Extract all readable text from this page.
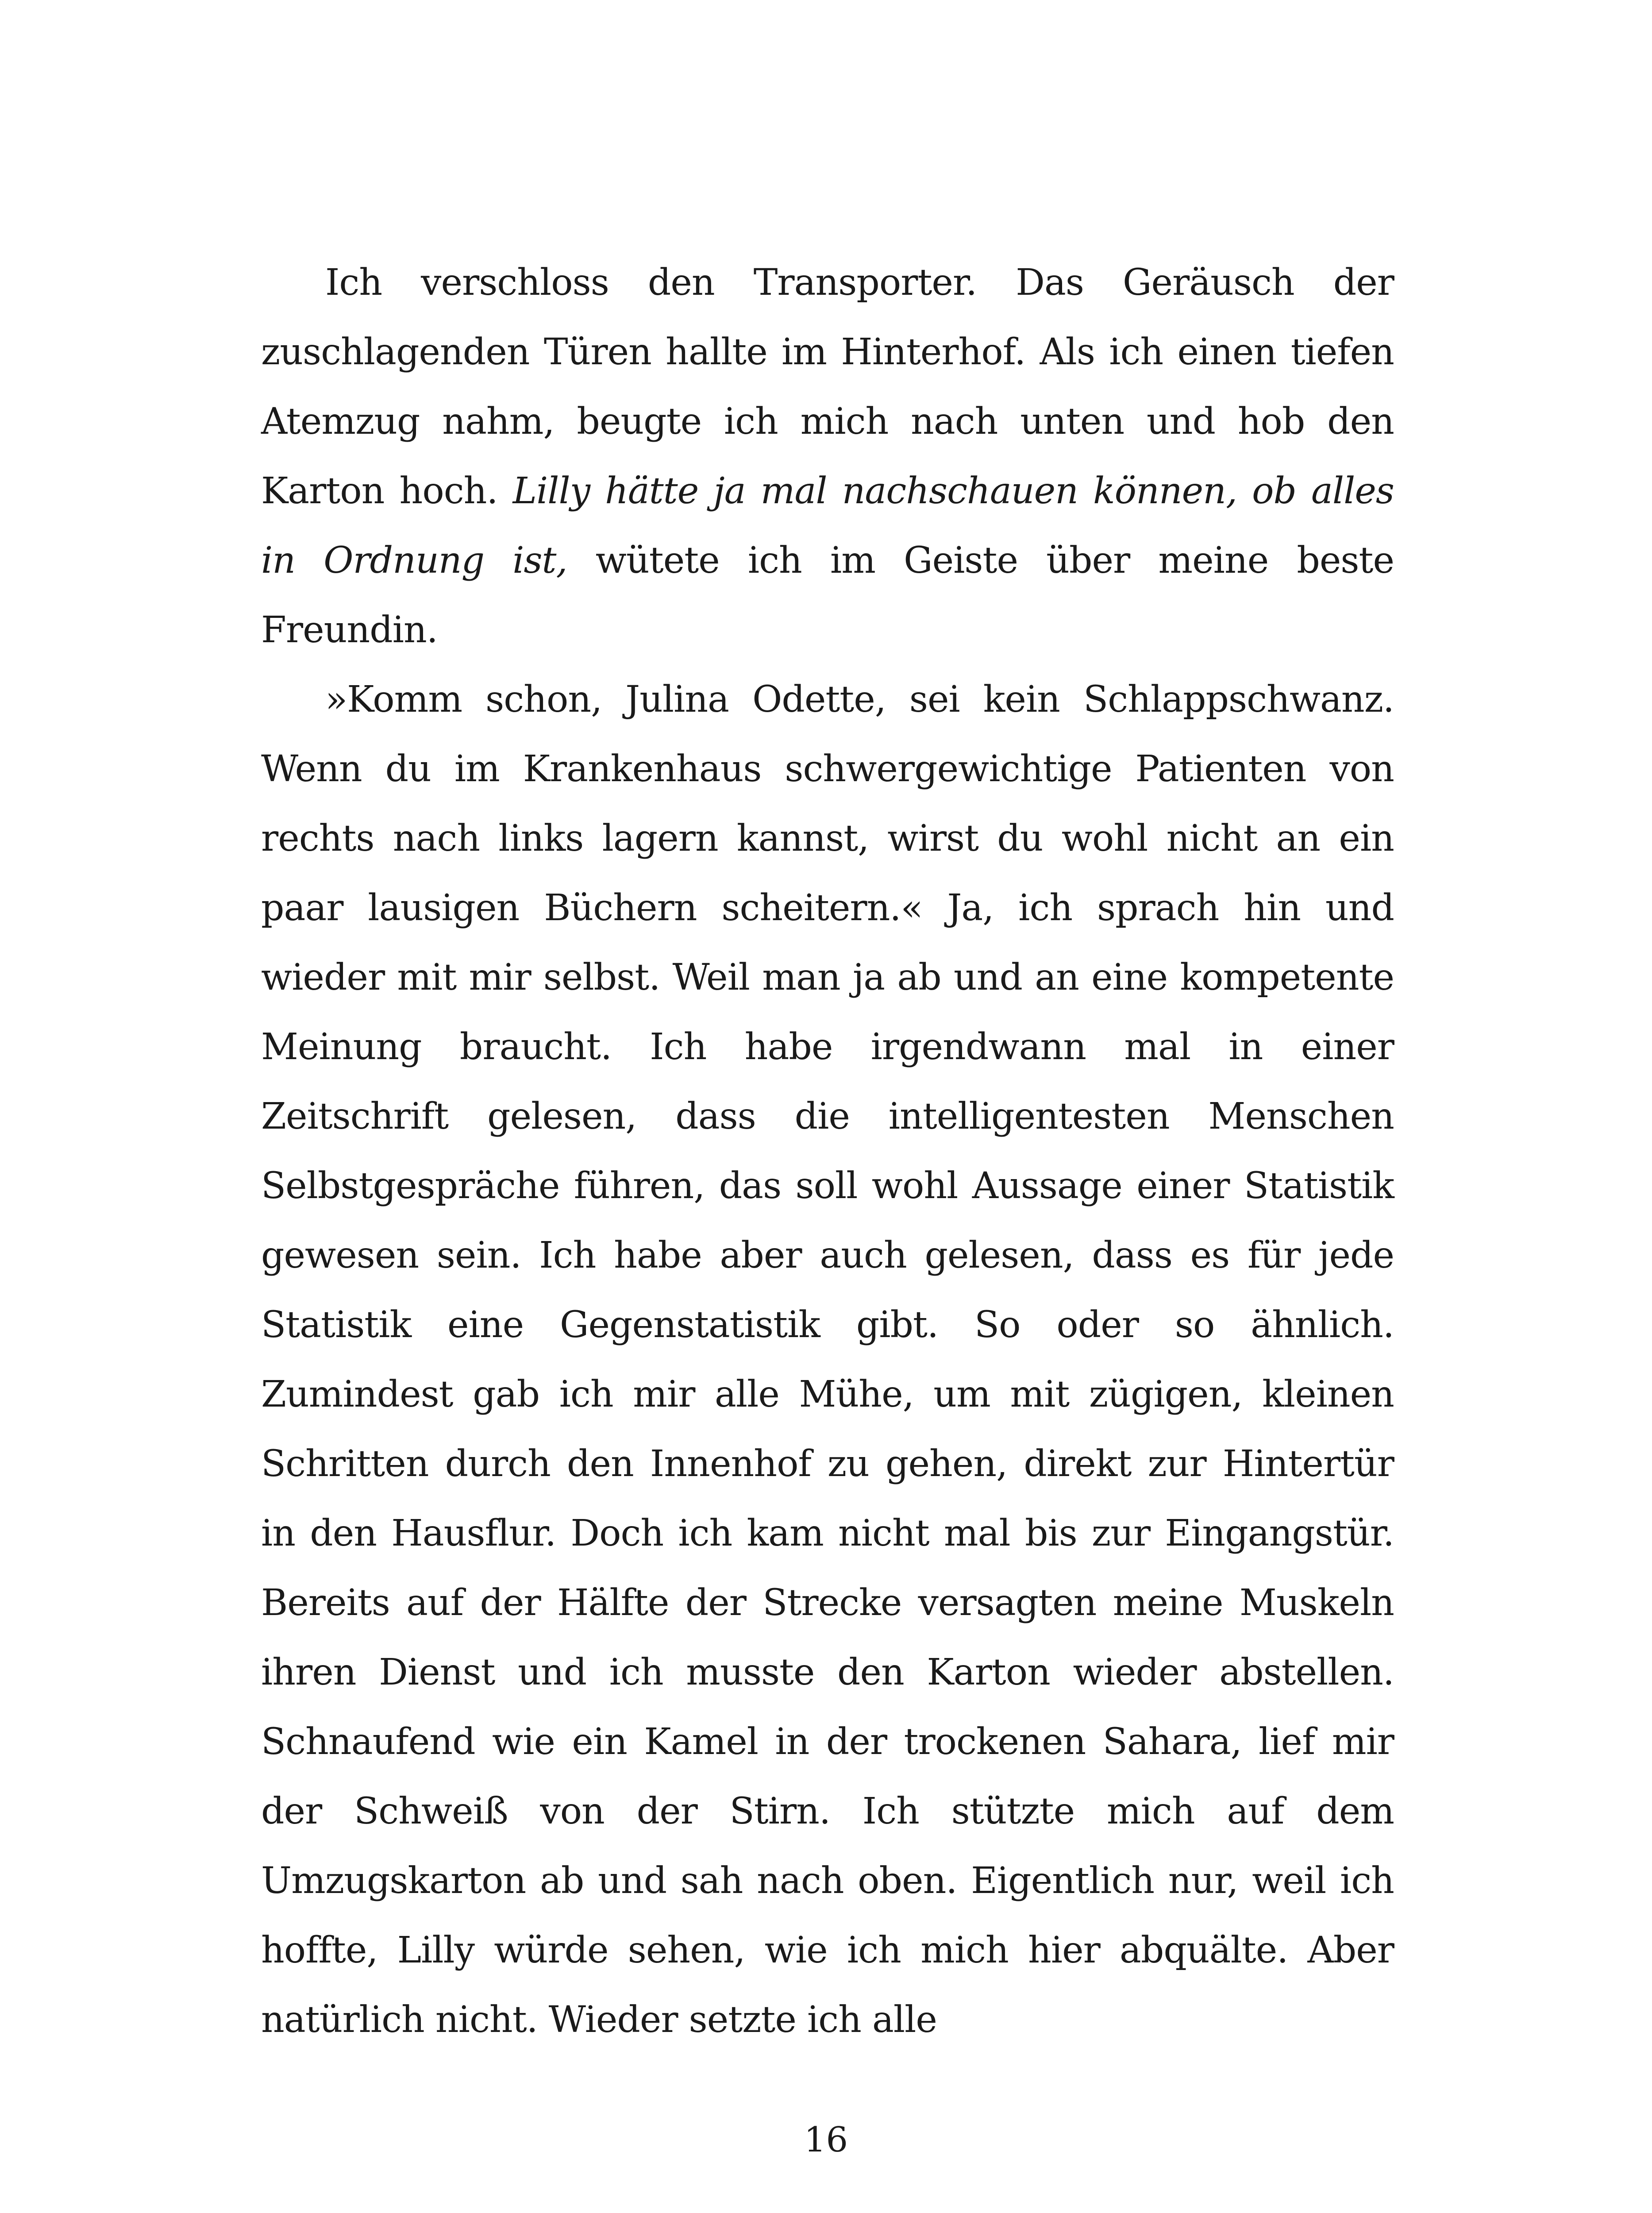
Ich verschloss den Transporter. Das Geräusch der zuschlagenden Türen hallte im Hinterhof. Als ich einen tiefen Atemzug nahm, beugte ich mich nach unten und hob den Karton hoch. Lilly hätte ja mal nachschauen können, ob alles in Ordnung ist, wütete ich im Geiste über meine beste Freundin.

»Komm schon, Julina Odette, sei kein Schlappschwanz. Wenn du im Krankenhaus schwergewichtige Patienten von rechts nach links lagern kannst, wirst du wohl nicht an ein paar lausigen Büchern scheitern.« Ja, ich sprach hin und wieder mit mir selbst. Weil man ja ab und an eine kompetente Meinung braucht. Ich habe irgendwann mal in einer Zeitschrift gelesen, dass die intelligentesten Menschen Selbstgespräche führen, das soll wohl Aussage einer Statistik gewesen sein. Ich habe aber auch gelesen, dass es für jede Statistik eine Gegenstatistik gibt. So oder so ähnlich. Zumindest gab ich mir alle Mühe, um mit zügigen, kleinen Schritten durch den Innenhof zu gehen, direkt zur Hintertür in den Hausflur. Doch ich kam nicht mal bis zur Eingangstür. Bereits auf der Hälfte der Strecke versagten meine Muskeln ihren Dienst und ich musste den Karton wieder abstellen. Schnaufend wie ein Kamel in der trockenen Sahara, lief mir der Schweiß von der Stirn. Ich stützte mich auf dem Umzugskarton ab und sah nach oben. Eigentlich nur, weil ich hoffte, Lilly würde sehen, wie ich mich hier abquälte. Aber natürlich nicht. Wieder setzte ich alle

16
